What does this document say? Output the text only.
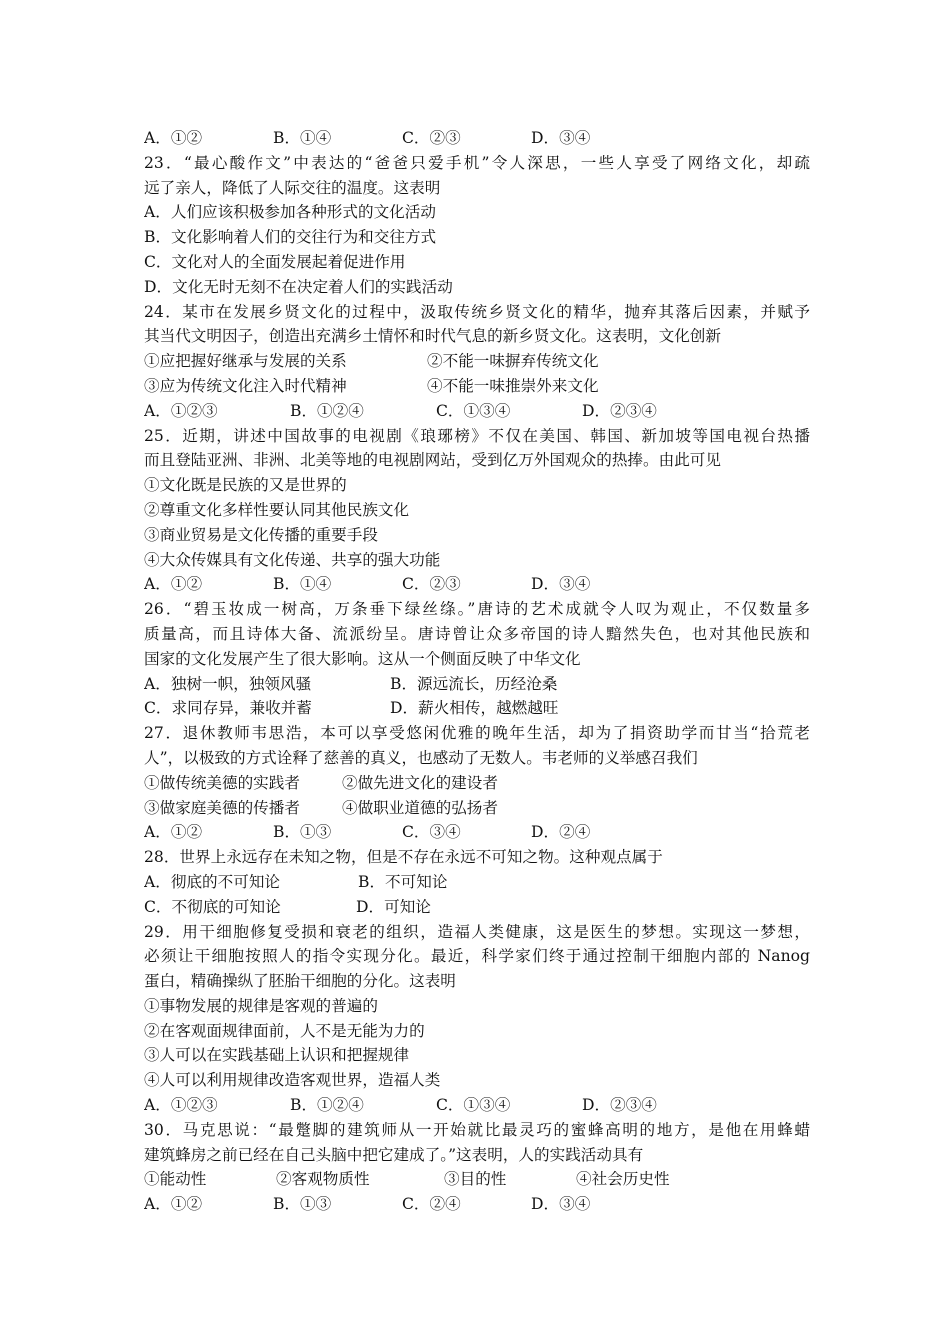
A．①②	B．①④	C．②③	D．③④
23．“最心酸作文”中表达的“爸爸只爱手机”令人深思，一些人享受了网络文化，却疏
远了亲人，降低了人际交往的温度。这表明
A．人们应该积极参加各种形式的文化活动
B．文化影响着人们的交往行为和交往方式
C．文化对人的全面发展起着促进作用
D．文化无时无刻不在决定着人们的实践活动
24．某市在发展乡贤文化的过程中，汲取传统乡贤文化的精华，抛弃其落后因素，并赋予
其当代文明因子，创造出充满乡土情怀和时代气息的新乡贤文化。这表明，文化创新
①应把握好继承与发展的关系	②不能一味摒弃传统文化
③应为传统文化注入时代精神	④不能一味推崇外来文化
A．①②③	B．①②④	C．①③④	D．②③④
25．近期，讲述中国故事的电视剧《琅琊榜》不仅在美国、韩国、新加坡等国电视台热播
而且登陆亚洲、非洲、北美等地的电视剧网站，受到亿万外国观众的热捧。由此可见
①文化既是民族的又是世界的
②尊重文化多样性要认同其他民族文化
③商业贸易是文化传播的重要手段
④大众传媒具有文化传递、共享的强大功能
A．①②	B．①④	C．②③	D．③④
26．“碧玉妆成一树高，万条垂下绿丝绦。”唐诗的艺术成就令人叹为观止，不仅数量多
质量高，而且诗体大备、流派纷呈。唐诗曾让众多帝国的诗人黯然失色，也对其他民族和
国家的文化发展产生了很大影响。这从一个侧面反映了中华文化
A．独树一帜，独领风骚	B．源远流长，历经沧桑
C．求同存异，兼收并蓄	D．薪火相传，越燃越旺
27．退休教师韦思浩，本可以享受悠闲优雅的晚年生活，却为了捐资助学而甘当“拾荒老
人”，以极致的方式诠释了慈善的真义，也感动了无数人。韦老师的义举感召我们
①做传统美德的实践者	②做先进文化的建设者
③做家庭美德的传播者	④做职业道德的弘扬者
A．①②	B．①③	C．③④	D．②④
28．世界上永远存在未知之物，但是不存在永远不可知之物。这种观点属于
A．彻底的不可知论	B．不可知论
C．不彻底的可知论	D．可知论
29．用干细胞修复受损和衰老的组织，造福人类健康，这是医生的梦想。实现这一梦想，
必须让干细胞按照人的指令实现分化。最近，科学家们终于通过控制干细胞内部的 Nanog
蛋白，精确操纵了胚胎干细胞的分化。这表明
①事物发展的规律是客观的普遍的
②在客观面规律面前，人不是无能为力的
③人可以在实践基础上认识和把握规律
④人可以利用规律改造客观世界，造福人类
A．①②③	B．①②④	C．①③④	D．②③④
30．马克思说：“最蹩脚的建筑师从一开始就比最灵巧的蜜蜂高明的地方，是他在用蜂蜡
建筑蜂房之前已经在自己头脑中把它建成了。”这表明，人的实践活动具有
①能动性	②客观物质性	③目的性	④社会历史性
A．①②	B．①③	C．②④	D．③④
